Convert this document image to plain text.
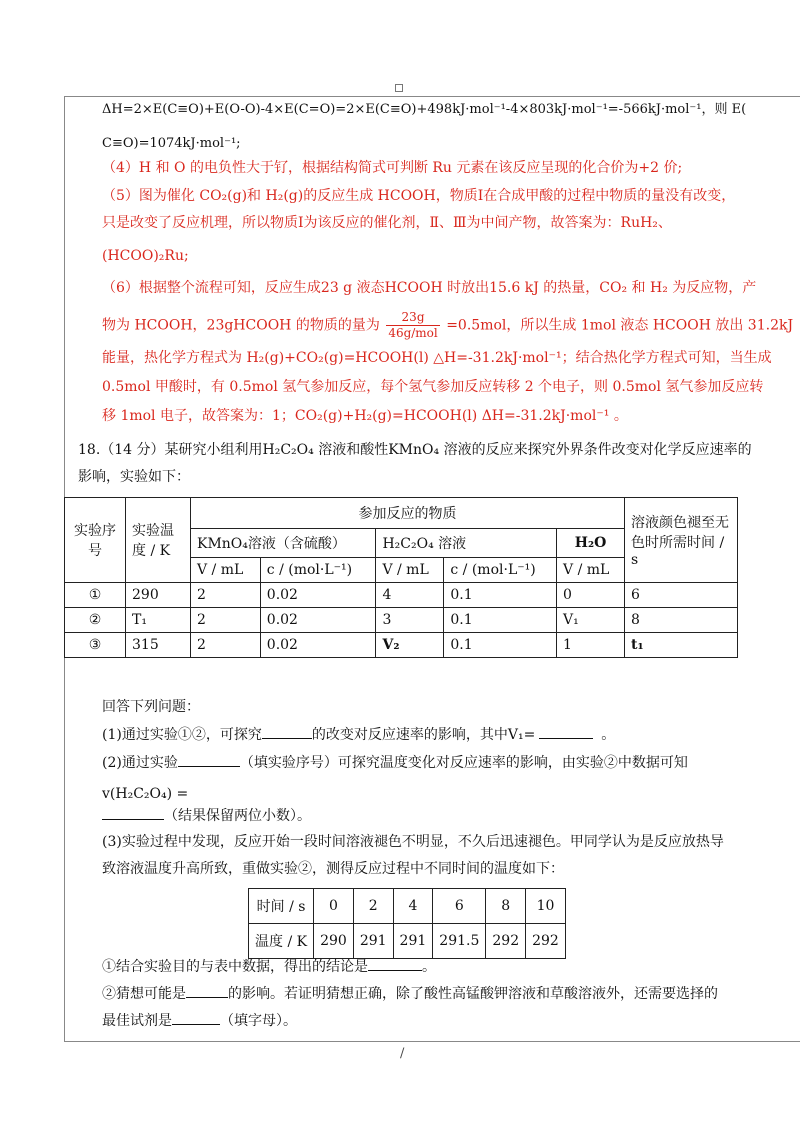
ΔH=2×E(C≡O)+E(O-O)-4×E(C=O)=2×E(C≡O)+498kJ·mol⁻¹-4×803kJ·mol⁻¹=-566kJ·mol⁻¹，则 E(
C≡O)=1074kJ·mol⁻¹;
（4）H 和 O 的电负性大于钌，根据结构简式可判断 Ru 元素在该反应呈现的化合价为+2 价;
（5）图为催化 CO₂(g)和 H₂(g)的反应生成 HCOOH，物质Ⅰ在合成甲酸的过程中物质的量没有改变，
只是改变了反应机理，所以物质Ⅰ为该反应的催化剂，Ⅱ、Ⅲ为中间产物，故答案为：RuH₂、
(HCOO)₂Ru;
（6）根据整个流程可知，反应生成23 g 液态HCOOH 时放出15.6 kJ 的热量，CO₂ 和 H₂ 为反应物，产
物为 HCOOH，23gHCOOH 的物质的量为 $\frac{23g}{\text{46g/mol}} =0.5mol$，所以生成 1mol 液态 HCOOH 放出 31.2kJ
能量，热化学方程式为 H₂(g)+CO₂(g)=HCOOH(l) △H=-31.2kJ·mol⁻¹；结合热化学方程式可知，当生成
0.5mol 甲酸时，有 0.5mol 氢气参加反应，每个氢气参加反应转移 2 个电子，则 0.5mol 氢气参加反应转
移 1mol 电子，故答案为：1；CO₂(g)+H₂(g)=HCOOH(l) ΔH=-31.2kJ·mol⁻¹ 。
18.（14 分）某研究小组利用H₂C₂O₄ 溶液和酸性KMnO₄ 溶液的反应来探究外界条件改变对化学反应速率的
影响，实验如下：
实验序号	实验温度 / K	参加反应的物质					溶液颜色褪至无色时所需时间 / s
		KMnO₄溶液（含硫酸）		H₂C₂O₄ 溶液		H₂O	
		V / mL	c / (mol·L⁻¹)	V / mL	c / (mol·L⁻¹)	V / mL	
①	290	2	0.02	4	0.1	0	6
②	T₁	2	0.02	3	0.1	V₁	8
③	315	2	0.02	V₂	0.1	1	t₁
回答下列问题：
(1)通过实验①②，可探究	的改变对反应速率的影响，其中V₁=	。
(2)通过实验	（填实验序号）可探究温度变化对反应速率的影响，由实验②中数据可知
v(H₂C₂O₄) =
（结果保留两位小数）。
(3)实验过程中发现，反应开始一段时间溶液褪色不明显，不久后迅速褪色。甲同学认为是反应放热导
致溶液温度升高所致，重做实验②，测得反应过程中不同时间的温度如下：
时间 / s	0	2	4	6	8	10
温度 / K	290	291	291	291.5	292	292
①结合实验目的与表中数据，得出的结论是	。
②猜想可能是	的影响。若证明猜想正确，除了酸性高锰酸钾溶液和草酸溶液外，还需要选择的
最佳试剂是	（填字母）。
/
